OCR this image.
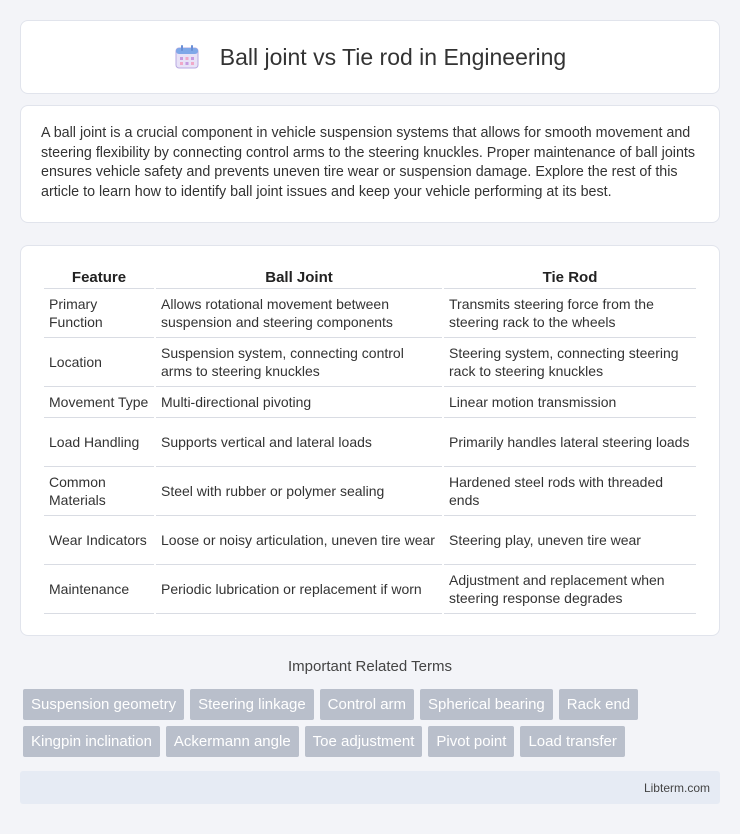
Ball joint vs Tie rod in Engineering

A ball joint is a crucial component in vehicle suspension systems that allows for smooth movement and steering flexibility by connecting control arms to the steering knuckles. Proper maintenance of ball joints ensures vehicle safety and prevents uneven tire wear or suspension damage. Explore the rest of this article to learn how to identify ball joint issues and keep your vehicle performing at its best.

Feature	Ball Joint	Tie Rod
Primary Function	Allows rotational movement between suspension and steering components	Transmits steering force from the steering rack to the wheels
Location	Suspension system, connecting control arms to steering knuckles	Steering system, connecting steering rack to steering knuckles
Movement Type	Multi-directional pivoting	Linear motion transmission
Load Handling	Supports vertical and lateral loads	Primarily handles lateral steering loads
Common Materials	Steel with rubber or polymer sealing	Hardened steel rods with threaded ends
Wear Indicators	Loose or noisy articulation, uneven tire wear	Steering play, uneven tire wear
Maintenance	Periodic lubrication or replacement if worn	Adjustment and replacement when steering response degrades
Important Related Terms
Suspension geometry	Steering linkage	Control arm	Spherical bearing	Rack end
Kingpin inclination	Ackermann angle	Toe adjustment	Pivot point	Load transfer
Libterm.com
